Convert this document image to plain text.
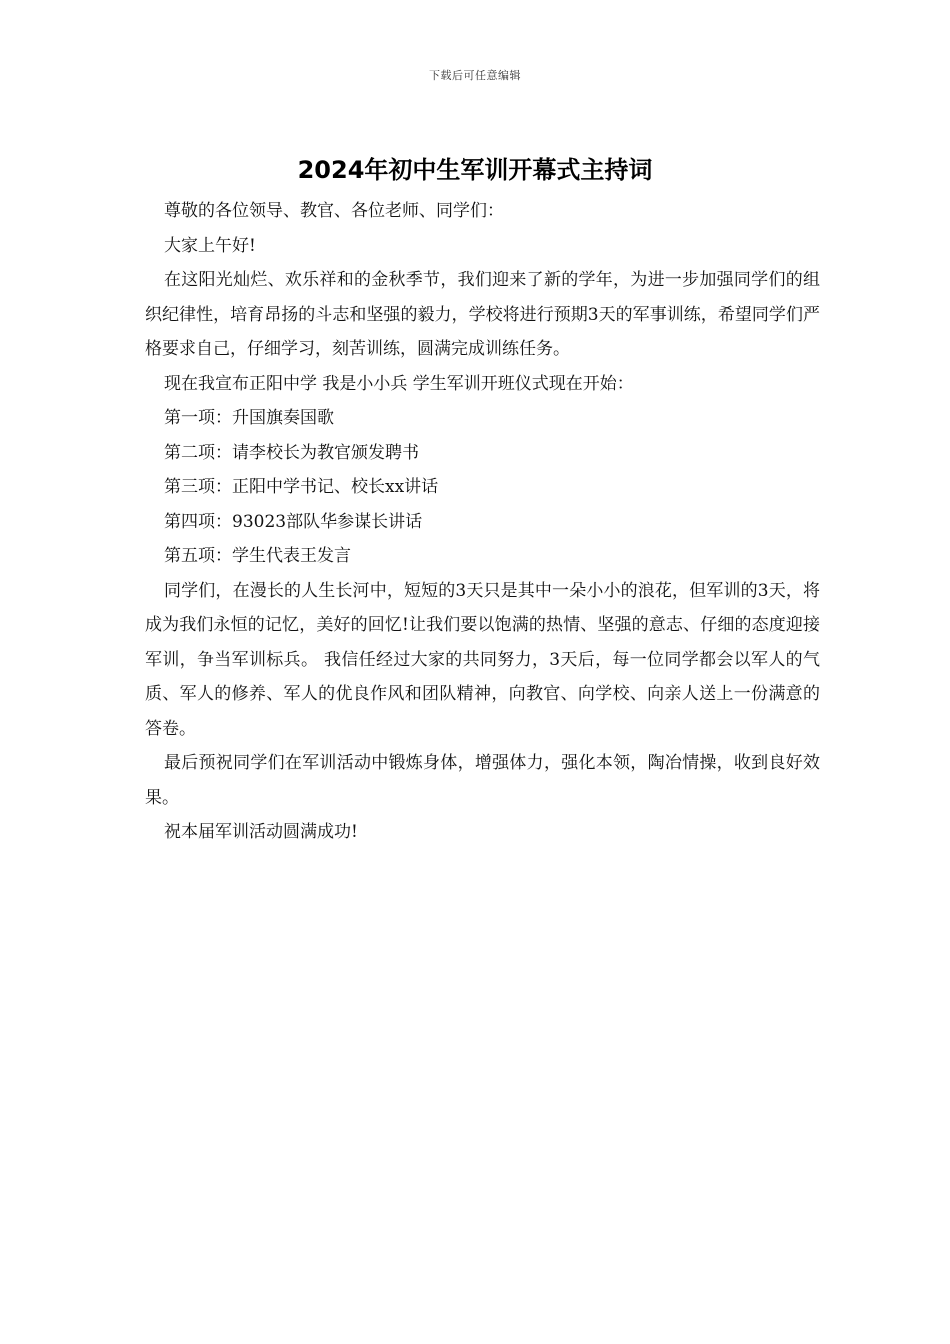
下载后可任意编辑
2024年初中生军训开幕式主持词

尊敬的各位领导、教官、各位老师、同学们：

大家上午好!

在这阳光灿烂、欢乐祥和的金秋季节，我们迎来了新的学年，为进一步加强同学们的组织纪律性，培育昂扬的斗志和坚强的毅力，学校将进行预期3天的军事训练，希望同学们严格要求自己，仔细学习，刻苦训练，圆满完成训练任务。

现在我宣布正阳中学 我是小小兵 学生军训开班仪式现在开始：

第一项：升国旗奏国歌

第二项：请李校长为教官颁发聘书

第三项：正阳中学书记、校长xx讲话

第四项：93023部队华参谋长讲话

第五项：学生代表王发言

同学们，在漫长的人生长河中，短短的3天只是其中一朵小小的浪花，但军训的3天，将成为我们永恒的记忆，美好的回忆!让我们要以饱满的热情、坚强的意志、仔细的态度迎接军训，争当军训标兵。 我信任经过大家的共同努力，3天后，每一位同学都会以军人的气质、军人的修养、军人的优良作风和团队精神，向教官、向学校、向亲人送上一份满意的答卷。

最后预祝同学们在军训活动中锻炼身体，增强体力，强化本领，陶冶情操，收到良好效果。

祝本届军训活动圆满成功!
